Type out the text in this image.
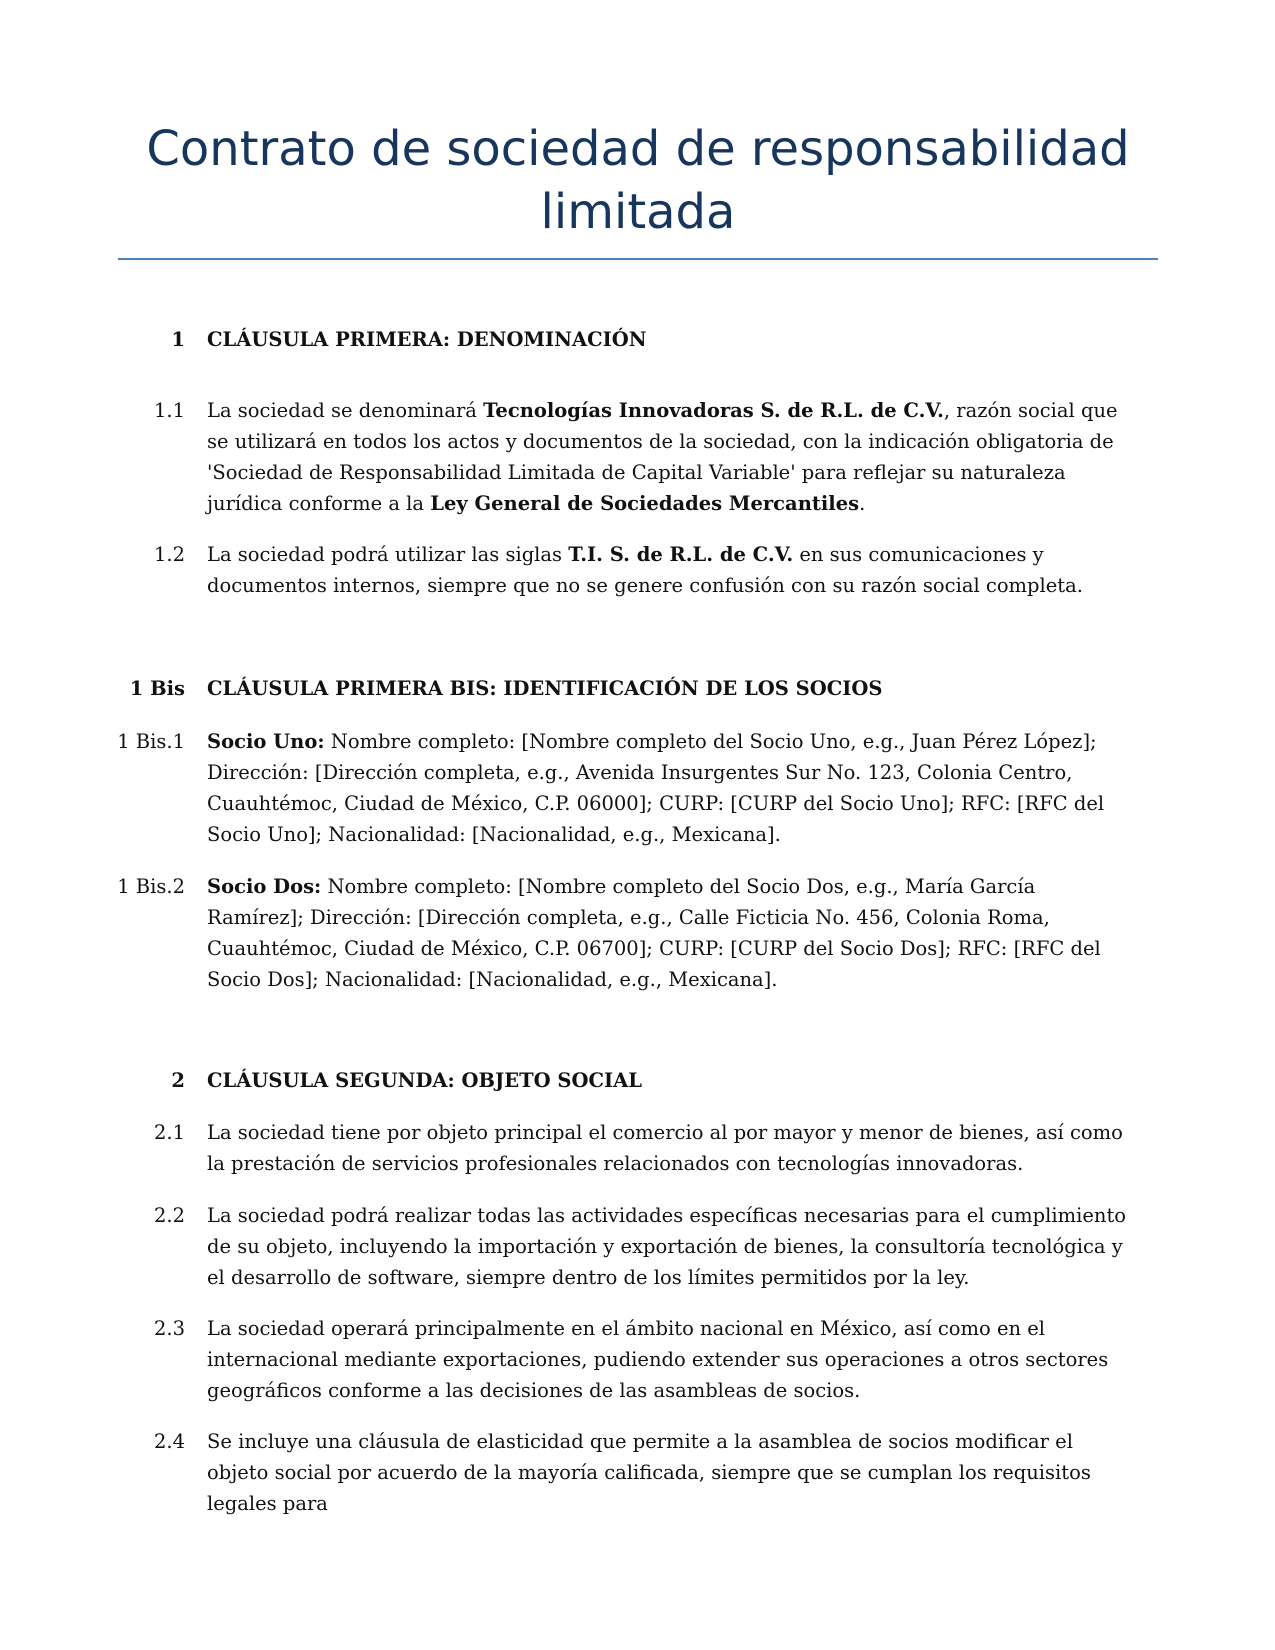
Contrato de sociedad de responsabilidad limitada
1 CLÁUSULA PRIMERA: DENOMINACIÓN
1.1 La sociedad se denominará Tecnologías Innovadoras S. de R.L. de C.V., razón social que se utilizará en todos los actos y documentos de la sociedad, con la indicación obligatoria de 'Sociedad de Responsabilidad Limitada de Capital Variable' para reflejar su naturaleza jurídica conforme a la Ley General de Sociedades Mercantiles.
1.2 La sociedad podrá utilizar las siglas T.I. S. de R.L. de C.V. en sus comunicaciones y documentos internos, siempre que no se genere confusión con su razón social completa.
1 Bis CLÁUSULA PRIMERA BIS: IDENTIFICACIÓN DE LOS SOCIOS
1 Bis.1 Socio Uno: Nombre completo: [Nombre completo del Socio Uno, e.g., Juan Pérez López]; Dirección: [Dirección completa, e.g., Avenida Insurgentes Sur No. 123, Colonia Centro, Cuauhtémoc, Ciudad de México, C.P. 06000]; CURP: [CURP del Socio Uno]; RFC: [RFC del Socio Uno]; Nacionalidad: [Nacionalidad, e.g., Mexicana].
1 Bis.2 Socio Dos: Nombre completo: [Nombre completo del Socio Dos, e.g., María García Ramírez]; Dirección: [Dirección completa, e.g., Calle Ficticia No. 456, Colonia Roma, Cuauhtémoc, Ciudad de México, C.P. 06700]; CURP: [CURP del Socio Dos]; RFC: [RFC del Socio Dos]; Nacionalidad: [Nacionalidad, e.g., Mexicana].
2 CLÁUSULA SEGUNDA: OBJETO SOCIAL
2.1 La sociedad tiene por objeto principal el comercio al por mayor y menor de bienes, así como la prestación de servicios profesionales relacionados con tecnologías innovadoras.
2.2 La sociedad podrá realizar todas las actividades específicas necesarias para el cumplimiento de su objeto, incluyendo la importación y exportación de bienes, la consultoría tecnológica y el desarrollo de software, siempre dentro de los límites permitidos por la ley.
2.3 La sociedad operará principalmente en el ámbito nacional en México, así como en el internacional mediante exportaciones, pudiendo extender sus operaciones a otros sectores geográficos conforme a las decisiones de las asambleas de socios.
2.4 Se incluye una cláusula de elasticidad que permite a la asamblea de socios modificar el objeto social por acuerdo de la mayoría calificada, siempre que se cumplan los requisitos legales para
